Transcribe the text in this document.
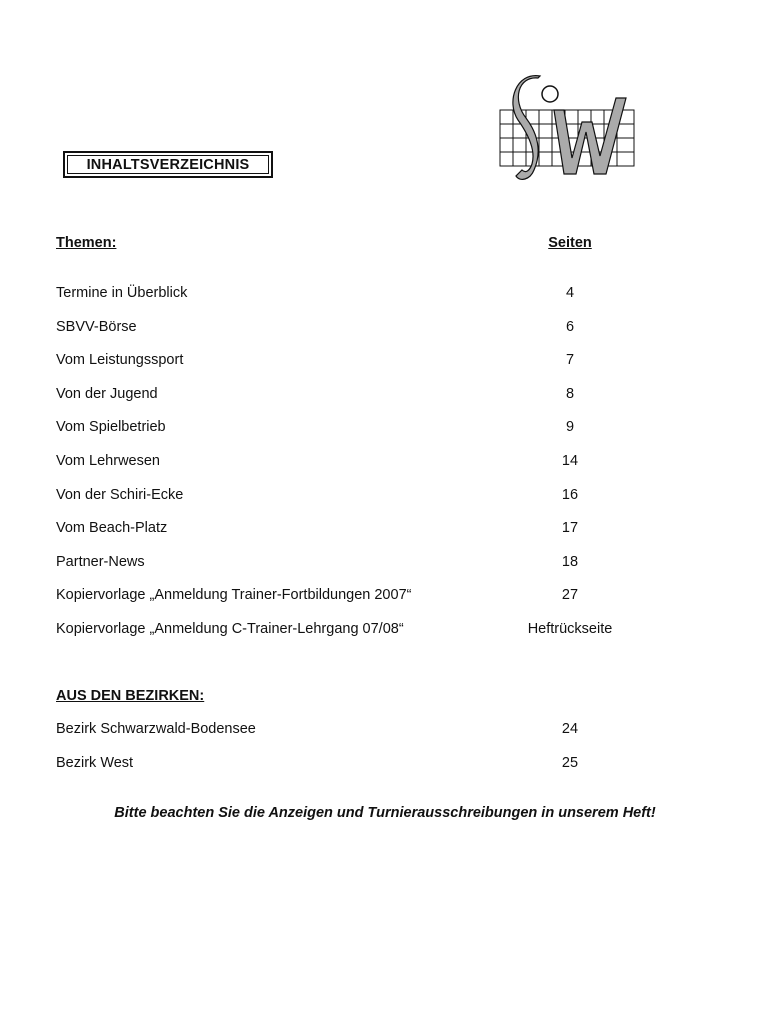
INHALTSVERZEICHNIS
Themen:	Seiten
Termine in Überblick	4
SBVV-Börse	6
Vom Leistungssport	7
Von der Jugend	8
Vom Spielbetrieb	9
Vom Lehrwesen	14
Von der Schiri-Ecke	16
Vom Beach-Platz	17
Partner-News	18
Kopiervorlage „Anmeldung Trainer-Fortbildungen 2007“	27
Kopiervorlage „Anmeldung C-Trainer-Lehrgang 07/08“	Heftrückseite
AUS DEN BEZIRKEN:
Bezirk Schwarzwald-Bodensee	24
Bezirk West	25
Bitte beachten Sie die Anzeigen und Turnierausschreibungen in unserem Heft!
